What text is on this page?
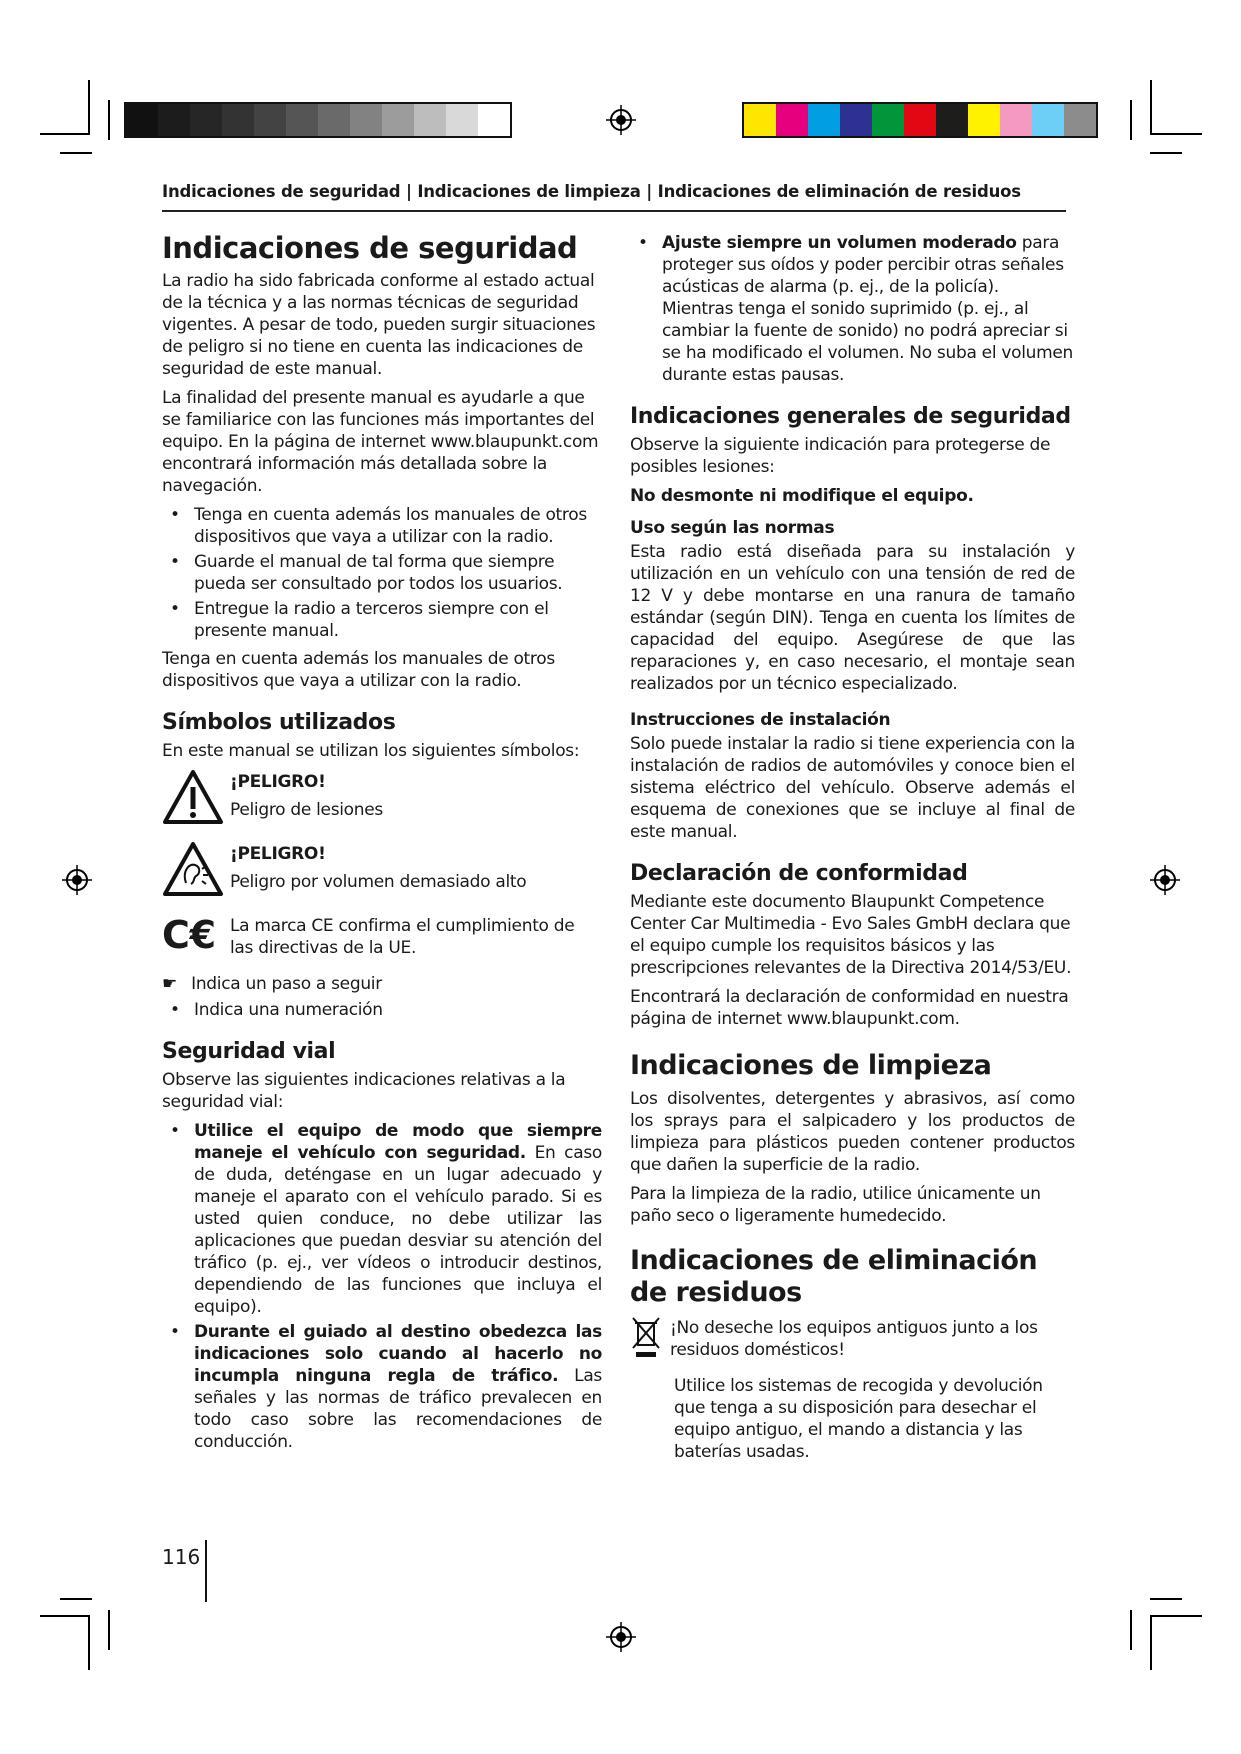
Indicaciones de seguridad | Indicaciones de limpieza | Indicaciones de eliminación de residuos
Indicaciones de seguridad

La radio ha sido fabricada conforme al estado actual de la técnica y a las normas técnicas de seguridad vigentes. A pesar de todo, pueden surgir situaciones de peligro si no tiene en cuenta las indicaciones de seguridad de este manual.

La finalidad del presente manual es ayudarle a que se familiarice con las funciones más importantes del equipo. En la página de internet www.blaupunkt.com encontrará información más detallada sobre la navegación.

• Tenga en cuenta además los manuales de otros dispositivos que vaya a utilizar con la radio.
• Guarde el manual de tal forma que siempre pueda ser consultado por todos los usuarios.
• Entregue la radio a terceros siempre con el presente manual.

Tenga en cuenta además los manuales de otros dispositivos que vaya a utilizar con la radio.

Símbolos utilizados

En este manual se utilizan los siguientes símbolos:

¡PELIGRO!
Peligro de lesiones
¡PELIGRO!
Peligro por volumen demasiado alto
C​€ La marca CE confirma el cumplimiento de las directivas de la UE.
☛ Indica un paso a seguir
• Indica una numeración
Seguridad vial

Observe las siguientes indicaciones relativas a la seguridad vial:

• Utilice el equipo de modo que siempre maneje el vehículo con seguridad. En caso de duda, deténgase en un lugar adecuado y maneje el aparato con el vehículo parado. Si es usted quien conduce, no debe utilizar las aplicaciones que puedan desviar su atención del tráfico (p. ej., ver vídeos o introducir destinos, dependiendo de las funciones que incluya el equipo).
• Durante el guiado al destino obedezca las indicaciones solo cuando al hacerlo no incumpla ninguna regla de tráfico. Las señales y las normas de tráfico prevalecen en todo caso sobre las recomendaciones de conducción.
• Ajuste siempre un volumen moderado para proteger sus oídos y poder percibir otras señales acústicas de alarma (p. ej., de la policía). Mientras tenga el sonido suprimido (p. ej., al cambiar la fuente de sonido) no podrá apreciar si se ha modificado el volumen. No suba el volumen durante estas pausas.
Indicaciones generales de seguridad

Observe la siguiente indicación para protegerse de posibles lesiones:

No desmonte ni modifique el equipo.

Uso según las normas

Esta radio está diseñada para su instalación y utilización en un vehículo con una tensión de red de 12 V y debe montarse en una ranura de tamaño estándar (según DIN). Tenga en cuenta los límites de capacidad del equipo. Asegúrese de que las reparaciones y, en caso necesario, el montaje sean realizados por un técnico especializado.

Instrucciones de instalación

Solo puede instalar la radio si tiene experiencia con la instalación de radios de automóviles y conoce bien el sistema eléctrico del vehículo. Observe además el esquema de conexiones que se incluye al final de este manual.

Declaración de conformidad

Mediante este documento Blaupunkt Competence Center Car Multimedia - Evo Sales GmbH declara que el equipo cumple los requisitos básicos y las prescripciones relevantes de la Directiva 2014/53/EU.

Encontrará la declaración de conformidad en nuestra página de internet www.blaupunkt.com.

Indicaciones de limpieza

Los disolventes, detergentes y abrasivos, así como los sprays para el salpicadero y los productos de limpieza para plásticos pueden contener productos que dañen la superficie de la radio.

Para la limpieza de la radio, utilice únicamente un paño seco o ligeramente humedecido.

Indicaciones de eliminación de residuos
¡No deseche los equipos antiguos junto a los residuos domésticos!

Utilice los sistemas de recogida y devolución que tenga a su disposición para desechar el equipo antiguo, el mando a distancia y las baterías usadas.

116
